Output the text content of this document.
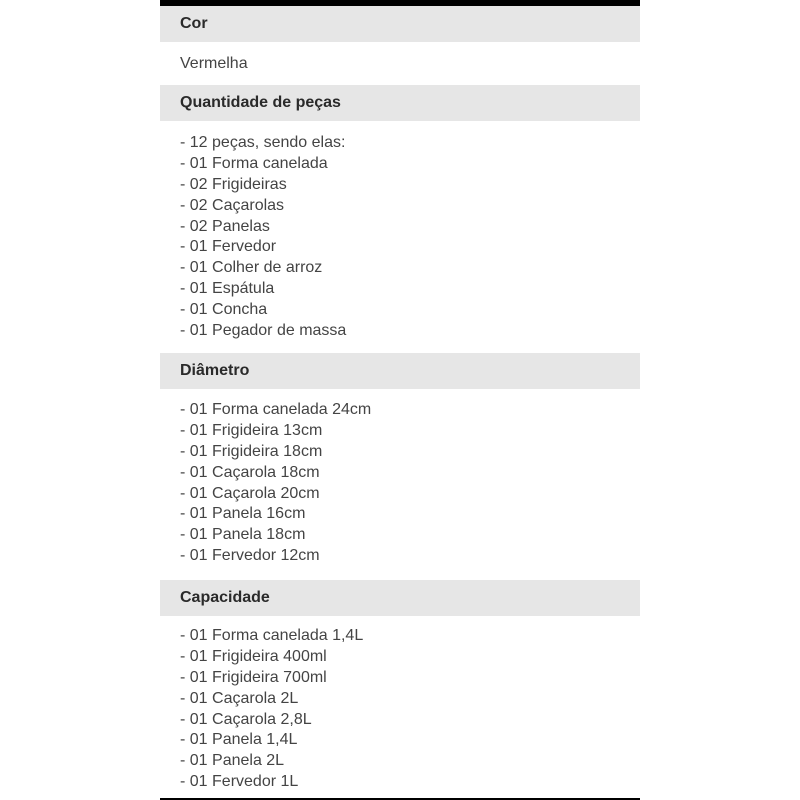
Cor
Vermelha
Quantidade de peças
- 12 peças, sendo elas:
- 01 Forma canelada
- 02 Frigideiras
- 02 Caçarolas
- 02 Panelas
- 01 Fervedor
- 01 Colher de arroz
- 01 Espátula
- 01 Concha
- 01 Pegador de massa
Diâmetro
- 01 Forma canelada 24cm
- 01 Frigideira 13cm
- 01 Frigideira 18cm
- 01 Caçarola 18cm
- 01 Caçarola 20cm
- 01 Panela 16cm
- 01 Panela 18cm
- 01 Fervedor 12cm
Capacidade
- 01 Forma canelada 1,4L
- 01 Frigideira 400ml
- 01 Frigideira 700ml
- 01 Caçarola 2L
- 01 Caçarola 2,8L
- 01 Panela 1,4L
- 01 Panela 2L
- 01 Fervedor 1L
